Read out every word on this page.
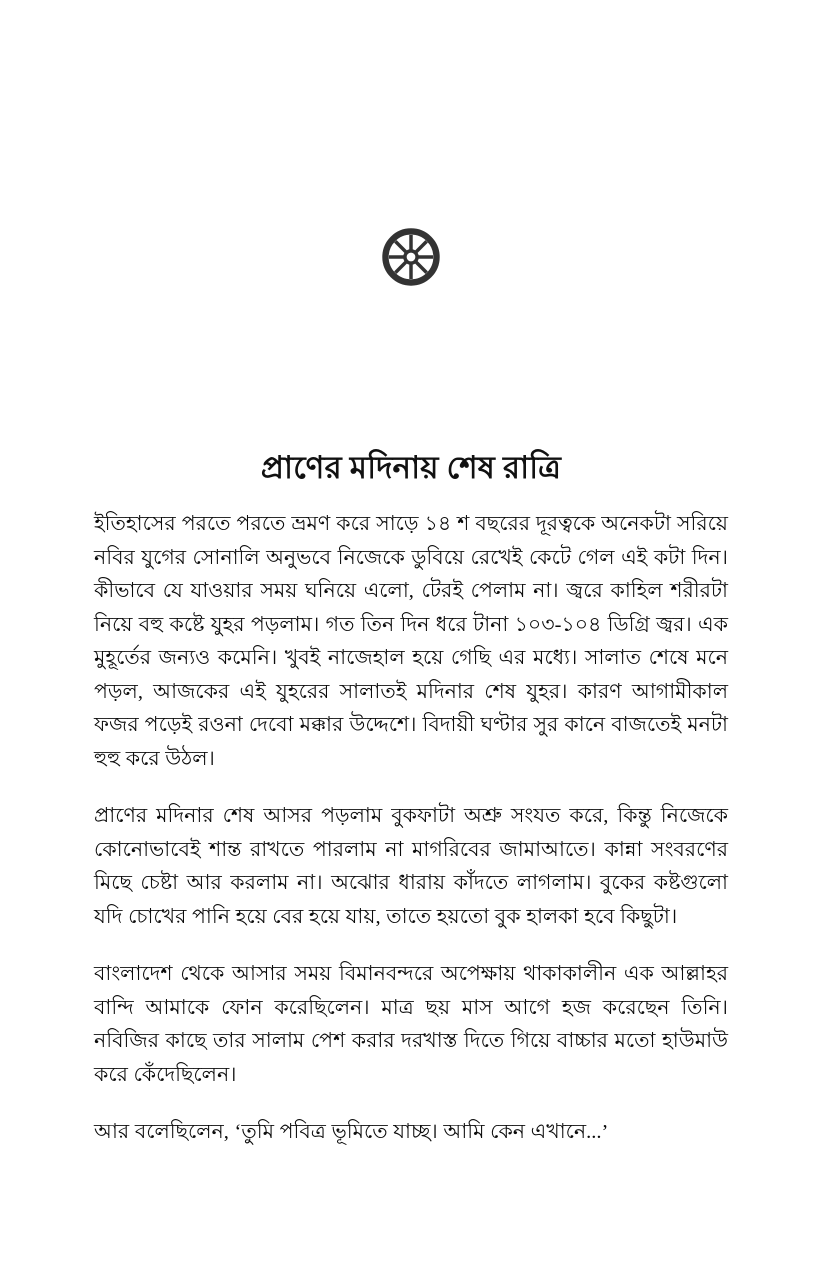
প্রাণের মদিনায় শেষ রাত্রি

ইতিহাসের পরতে পরতে ভ্রমণ করে সাড়ে ১৪ শ বছরের দূরত্বকে অনেকটা সরিয়ে নবির যুগের সোনালি অনুভবে নিজেকে ডুবিয়ে রেখেই কেটে গেল এই কটা দিন। কীভাবে যে যাওয়ার সময় ঘনিয়ে এলো, টেরই পেলাম না। জ্বরে কাহিল শরীরটা নিয়ে বহু কষ্টে যুহর পড়লাম। গত তিন দিন ধরে টানা ১০৩-১০৪ ডিগ্রি জ্বর। এক মুহূর্তের জন্যও কমেনি। খুবই নাজেহাল হয়ে গেছি এর মধ্যে। সালাত শেষে মনে পড়ল, আজকের এই যুহরের সালাতই মদিনার শেষ যুহর। কারণ আগামীকাল ফজর পড়েই রওনা দেবো মক্কার উদ্দেশে। বিদায়ী ঘণ্টার সুর কানে বাজতেই মনটা হুহু করে উঠল।

প্রাণের মদিনার শেষ আসর পড়লাম বুকফাটা অশ্রু সংযত করে, কিন্তু নিজেকে কোনোভাবেই শান্ত রাখতে পারলাম না মাগরিবের জামাআতে। কান্না সংবরণের মিছে চেষ্টা আর করলাম না। অঝোর ধারায় কাঁদতে লাগলাম। বুকের কষ্টগুলো যদি চোখের পানি হয়ে বের হয়ে যায়, তাতে হয়তো বুক হালকা হবে কিছুটা।

বাংলাদেশ থেকে আসার সময় বিমানবন্দরে অপেক্ষায় থাকাকালীন এক আল্লাহর বান্দি আমাকে ফোন করেছিলেন। মাত্র ছয় মাস আগে হজ করেছেন তিনি। নবিজির কাছে তার সালাম পেশ করার দরখাস্ত দিতে গিয়ে বাচ্চার মতো হাউমাউ করে কেঁদেছিলেন।

আর বলেছিলেন, ‘তুমি পবিত্র ভূমিতে যাচ্ছ। আমি কেন এখানে...’
